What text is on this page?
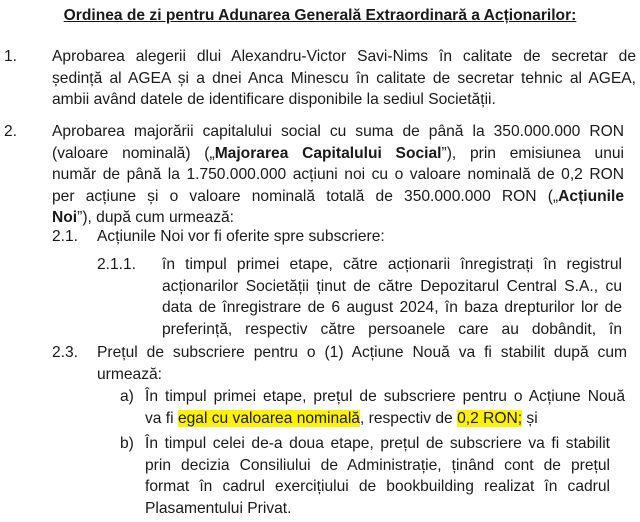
Ordinea de zi pentru Adunarea Generală Extraordinară a Acționarilor:
1. Aprobarea alegerii dlui Alexandru-Victor Savi-Nims în calitate de secretar de
ședință al AGEA și a dnei Anca Minescu în calitate de secretar tehnic al AGEA,
ambii având datele de identificare disponibile la sediul Societății.
2. Aprobarea majorării capitalului social cu suma de până la 350.000.000 RON
(valoare nominală) („Majorarea Capitalului Social”), prin emisiunea unui
număr de până la 1.750.000.000 acțiuni noi cu o valoare nominală de 0,2 RON
per acțiune și o valoare nominală totală de 350.000.000 RON („Acțiunile
Noi”), după cum urmează:
2.1. Acțiunile Noi vor fi oferite spre subscriere:
2.1.1. în timpul primei etape, către acționarii înregistrați în registrul
acționarilor Societății ținut de către Depozitarul Central S.A., cu
data de înregistrare de 6 august 2024, în baza drepturilor lor de
preferință, respectiv către persoanele care au dobândit, în
2.3. Prețul de subscriere pentru o (1) Acțiune Nouă va fi stabilit după cum
urmează:
a) În timpul primei etape, prețul de subscriere pentru o Acțiune Nouă
va fi egal cu valoarea nominală, respectiv de 0,2 RON; și
b) În timpul celei de-a doua etape, prețul de subscriere va fi stabilit
prin decizia Consiliului de Administrație, ținând cont de prețul
format în cadrul exercițiului de bookbuilding realizat în cadrul
Plasamentului Privat.
